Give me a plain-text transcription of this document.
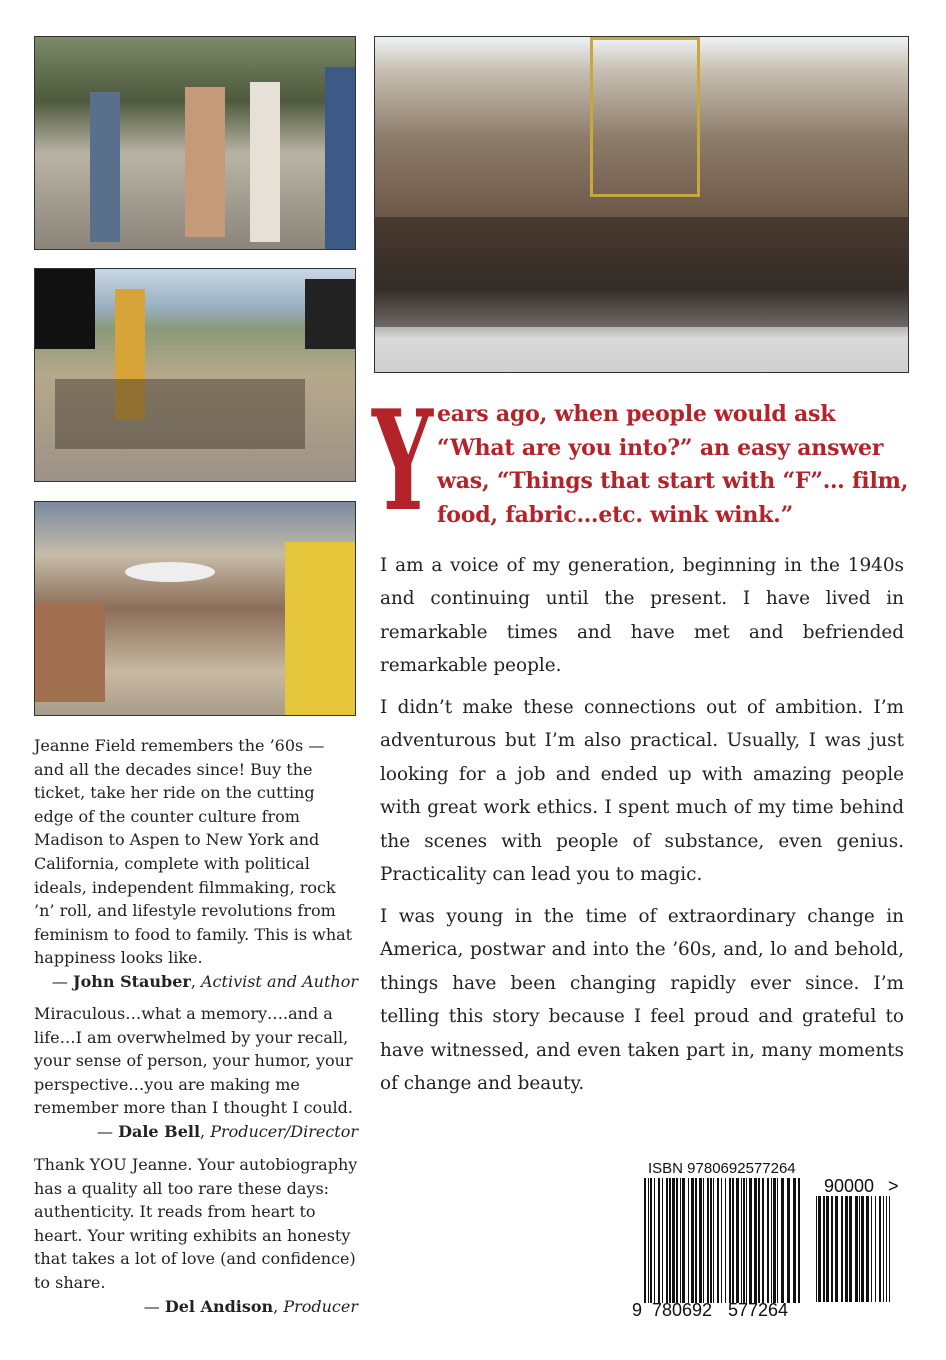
Y ears ago, when people would ask “What are you into?” an easy answer was, “Things that start with “F”… film, food, fabric…etc. wink wink.”

I am a voice of my generation, beginning in the 1940s and continuing until the present. I have lived in remarkable times and have met and befriended remarkable people.

I didn’t make these connections out of ambition. I’m adventurous but I’m also practical. Usually, I was just looking for a job and ended up with amazing people with great work ethics. I spent much of my time behind the scenes with people of substance, even genius. Practicality can lead you to magic.

I was young in the time of extraordinary change in America, postwar and into the ’60s, and, lo and behold, things have been changing rapidly ever since. I’m telling this story because I feel proud and grateful to have witnessed, and even taken part in, many moments of change and beauty.

Jeanne Field remembers the ’60s — and all the decades since! Buy the ticket, take her ride on the cutting edge of the counter culture from Madison to Aspen to New York and California, complete with political ideals, independent filmmaking, rock ’n’ roll, and lifestyle revolutions from feminism to food to family. This is what happiness looks like.

— John Stauber, Activist and Author

Miraculous…what a memory….and a life…I am overwhelmed by your recall, your sense of person, your humor, your perspective…you are making me remember more than I thought I could.

— Dale Bell, Producer/Director

Thank YOU Jeanne. Your autobiography has a quality all too rare these days: authenticity. It reads from heart to heart. Your writing exhibits an honesty that takes a lot of love (and confidence) to share.

— Del Andison, Producer

ISBN 9780692577264
9 780692 577264
90000 >
